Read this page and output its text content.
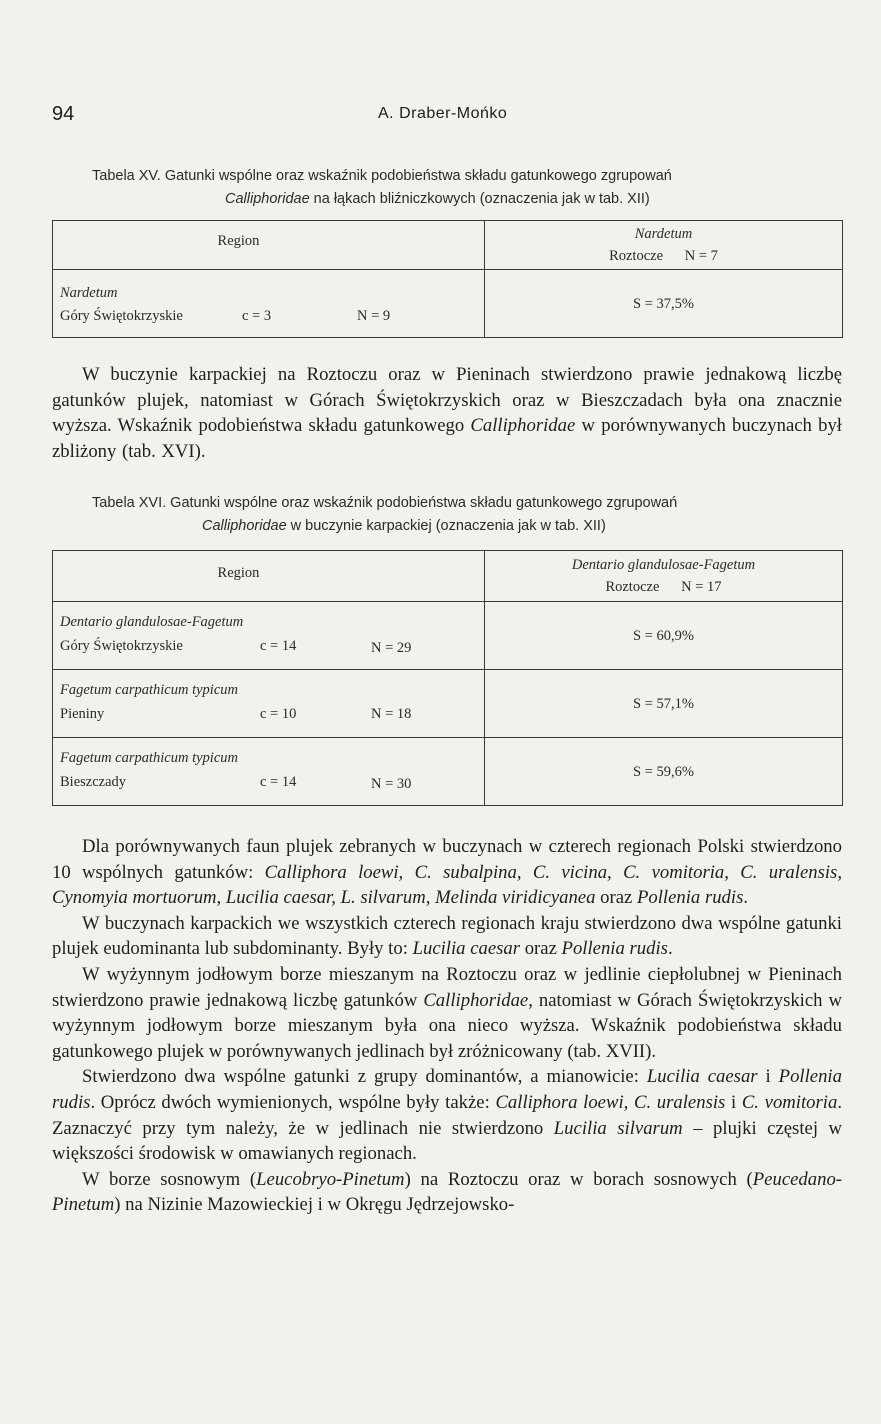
94	A. Draber-Mońko
Tabela XV. Gatunki wspólne oraz wskaźnik podobieństwa składu gatunkowego zgrupowań
Calliphoridae na łąkach bliźniczkowych (oznaczenia jak w tab. XII)
Region	Nardetum
Roztocze      N = 7

Nardetum
Góry Świętokrzyskie c = 3 N = 9	S = 37,5%

W buczynie karpackiej na Roztoczu oraz w Pieninach stwierdzono prawie jednakową liczbę gatunków plujek, natomiast w Górach Świętokrzyskich oraz w Bieszczadach była ona znacznie wyższa. Wskaźnik podobieństwa składu gatunkowego Calliphoridae w porównywanych buczynach był zbliżony (tab. XVI).

Tabela XVI. Gatunki wspólne oraz wskaźnik podobieństwa składu gatunkowego zgrupowań
Calliphoridae w buczynie karpackiej (oznaczenia jak w tab. XII)
Region	Dentario glandulosae-Fagetum
Roztocze      N = 17

Dentario glandulosae-Fagetum
Góry Świętokrzyskie c = 14 N = 29	S = 60,9%

Fagetum carpathicum typicum
Pieniny c = 10 N = 18	S = 57,1%

Fagetum carpathicum typicum
Bieszczady c = 14 N = 30	S = 59,6%

Dla porównywanych faun plujek zebranych w buczynach w czterech regionach Polski stwierdzono 10 wspólnych gatunków: Calliphora loewi, C. subalpina, C. vicina, C. vomitoria, C. uralensis, Cynomyia mortuorum, Lucilia caesar, L. silvarum, Melinda viridicyanea oraz Pollenia rudis.

W buczynach karpackich we wszystkich czterech regionach kraju stwierdzono dwa wspólne gatunki plujek eudominanta lub subdominanty. Były to: Lucilia caesar oraz Pollenia rudis.

W wyżynnym jodłowym borze mieszanym na Roztoczu oraz w jedlinie ciepłolubnej w Pieninach stwierdzono prawie jednakową liczbę gatunków Calliphoridae, natomiast w Górach Świętokrzyskich w wyżynnym jodłowym borze mieszanym była ona nieco wyższa. Wskaźnik podobieństwa składu gatunkowego plujek w porównywanych jedlinach był zróżnicowany (tab. XVII).

Stwierdzono dwa wspólne gatunki z grupy dominantów, a mianowicie: Lucilia caesar i Pollenia rudis. Oprócz dwóch wymienionych, wspólne były także: Calliphora loewi, C. uralensis i C. vomitoria. Zaznaczyć przy tym należy, że w jedlinach nie stwierdzono Lucilia silvarum – plujki częstej w większości środowisk w omawianych regionach.

W borze sosnowym (Leucobryo-Pinetum) na Roztoczu oraz w borach sosnowych (Peucedano-Pinetum) na Nizinie Mazowieckiej i w Okręgu Jędrzejowsko-
